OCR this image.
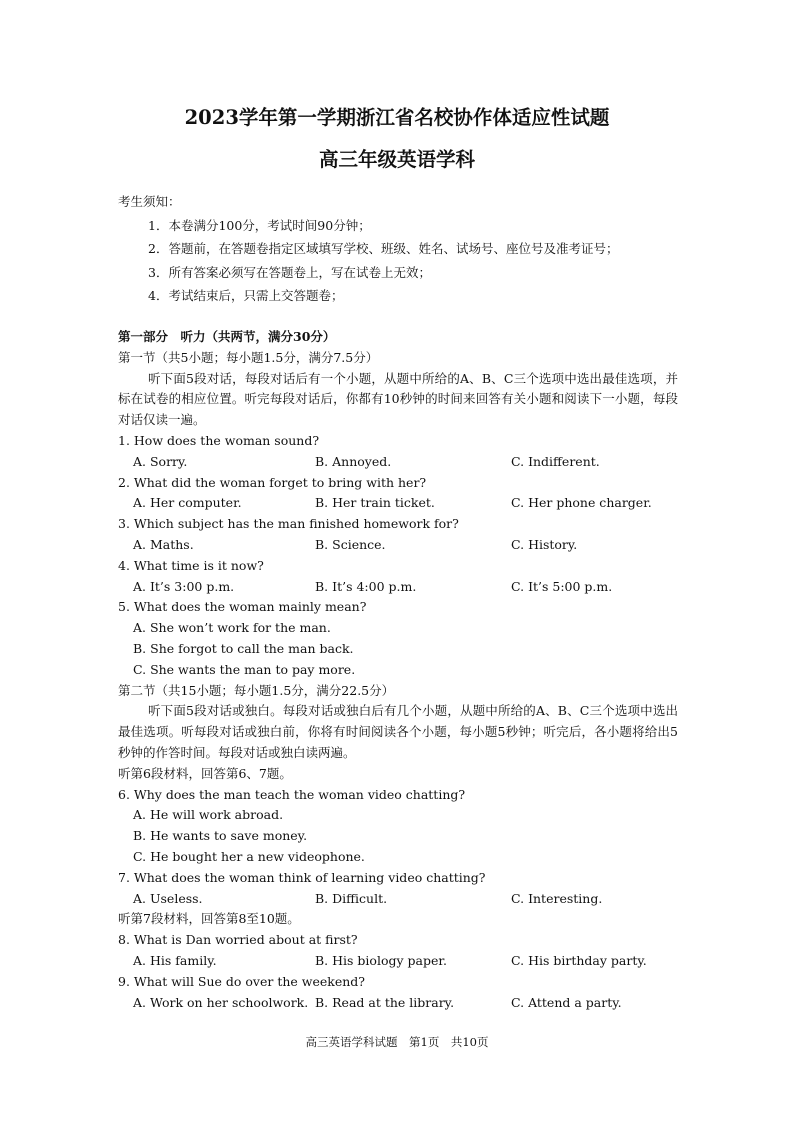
2023学年第一学期浙江省名校协作体适应性试题
高三年级英语学科
考生须知：
1．本卷满分100分，考试时间90分钟；
2．答题前，在答题卷指定区域填写学校、班级、姓名、试场号、座位号及准考证号；
3．所有答案必须写在答题卷上，写在试卷上无效；
4．考试结束后，只需上交答题卷；
第一部分　听力（共两节，满分30分）
第一节（共5小题；每小题1.5分，满分7.5分）
听下面5段对话，每段对话后有一个小题，从题中所给的A、B、C三个选项中选出最佳选项，并标在试卷的相应位置。听完每段对话后，你都有10秒钟的时间来回答有关小题和阅读下一小题，每段对话仅读一遍。
1. How does the woman sound?
A. Sorry.	B. Annoyed.	C. Indifferent.
2. What did the woman forget to bring with her?
A. Her computer.	B. Her train ticket.	C. Her phone charger.
3. Which subject has the man finished homework for?
A. Maths.	B. Science.	C. History.
4. What time is it now?
A. It’s 3:00 p.m.	B. It’s 4:00 p.m.	C. It’s 5:00 p.m.
5. What does the woman mainly mean?
A. She won’t work for the man.
B. She forgot to call the man back.
C. She wants the man to pay more.
第二节（共15小题；每小题1.5分，满分22.5分）
听下面5段对话或独白。每段对话或独白后有几个小题，从题中所给的A、B、C三个选项中选出最佳选项。听每段对话或独白前，你将有时间阅读各个小题，每小题5秒钟；听完后，各小题将给出5秒钟的作答时间。每段对话或独白读两遍。
听第6段材料，回答第6、7题。
6. Why does the man teach the woman video chatting?
A. He will work abroad.
B. He wants to save money.
C. He bought her a new videophone.
7. What does the woman think of learning video chatting?
A. Useless.	B. Difficult.	C. Interesting.
听第7段材料，回答第8至10题。
8. What is Dan worried about at first?
A. His family.	B. His biology paper.	C. His birthday party.
9. What will Sue do over the weekend?
A. Work on her schoolwork. B. Read at the library.	C. Attend a party.
高三英语学科试题　第1页　共10页
